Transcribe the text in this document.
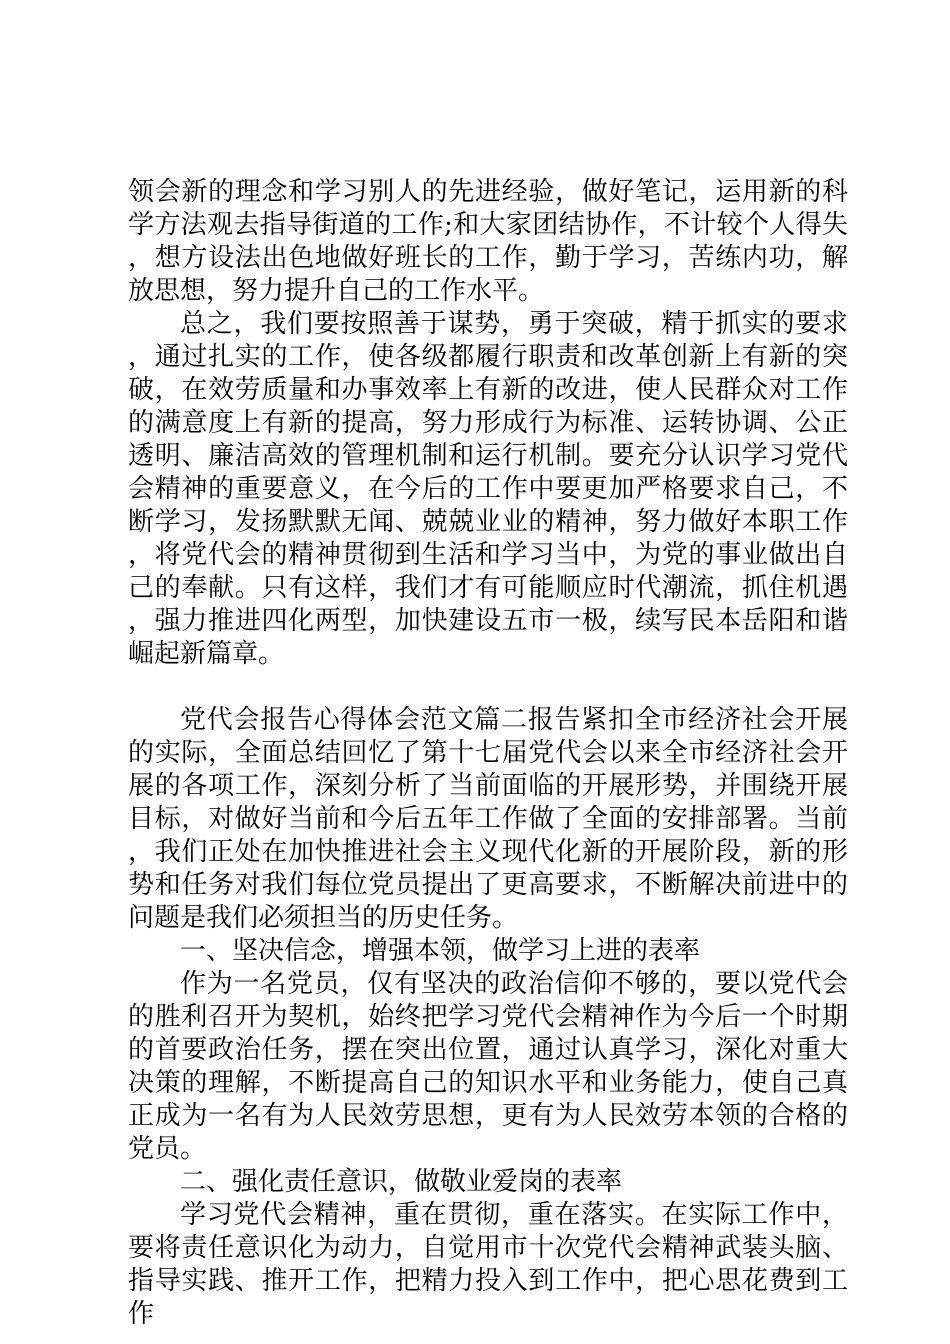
领会新的理念和学习别人的先进经验，做好笔记，运用新的科学方法观去指导街道的工作;和大家团结协作，不计较个人得失，想方设法出色地做好班长的工作，勤于学习，苦练内功，解放思想，努力提升自己的工作水平。

总之，我们要按照善于谋势，勇于突破，精于抓实的要求，通过扎实的工作，使各级都履行职责和改革创新上有新的突破，在效劳质量和办事效率上有新的改进，使人民群众对工作的满意度上有新的提高，努力形成行为标准、运转协调、公正透明、廉洁高效的管理机制和运行机制。要充分认识学习党代会精神的重要意义，在今后的工作中要更加严格要求自己，不断学习，发扬默默无闻、兢兢业业的精神，努力做好本职工作，将党代会的精神贯彻到生活和学习当中，为党的事业做出自己的奉献。只有这样，我们才有可能顺应时代潮流，抓住机遇，强力推进四化两型，加快建设五市一极，续写民本岳阳和谐崛起新篇章。

党代会报告心得体会范文篇二报告紧扣全市经济社会开展的实际，全面总结回忆了第十七届党代会以来全市经济社会开展的各项工作，深刻分析了当前面临的开展形势，并围绕开展目标，对做好当前和今后五年工作做了全面的安排部署。当前，我们正处在加快推进社会主义现代化新的开展阶段，新的形势和任务对我们每位党员提出了更高要求，不断解决前进中的问题是我们必须担当的历史任务。

一、坚决信念，增强本领，做学习上进的表率

作为一名党员，仅有坚决的政治信仰不够的，要以党代会的胜利召开为契机，始终把学习党代会精神作为今后一个时期的首要政治任务，摆在突出位置，通过认真学习，深化对重大决策的理解，不断提高自己的知识水平和业务能力，使自己真正成为一名有为人民效劳思想，更有为人民效劳本领的合格的党员。

二、强化责任意识，做敬业爱岗的表率

学习党代会精神，重在贯彻，重在落实。在实际工作中，要将责任意识化为动力，自觉用市十次党代会精神武装头脑、指导实践、推开工作，把精力投入到工作中，把心思花费到工作
